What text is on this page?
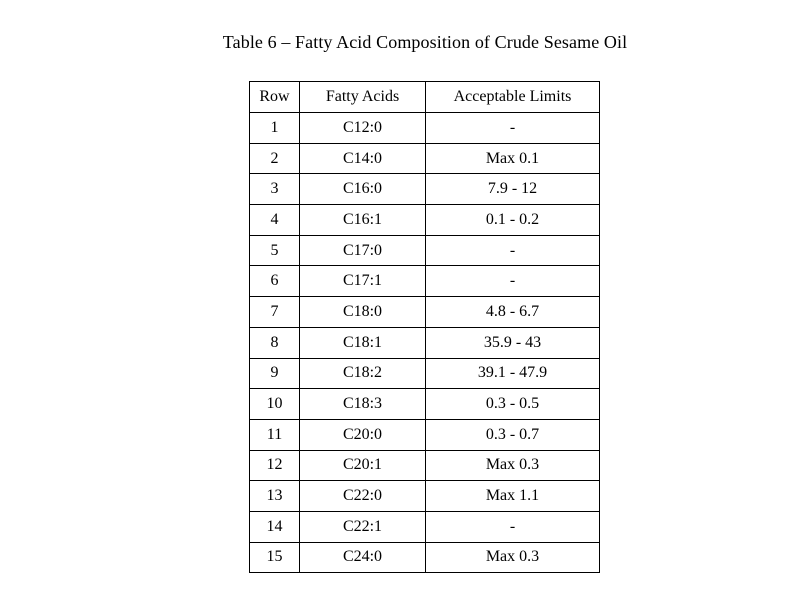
Table 6 – Fatty Acid Composition of Crude Sesame Oil
Row	Fatty Acids	Acceptable Limits
1	C12:0	-
2	C14:0	Max 0.1
3	C16:0	7.9 - 12
4	C16:1	0.1 - 0.2
5	C17:0	-
6	C17:1	-
7	C18:0	4.8 - 6.7
8	C18:1	35.9 - 43
9	C18:2	39.1 - 47.9
10	C18:3	0.3 - 0.5
11	C20:0	0.3 - 0.7
12	C20:1	Max 0.3
13	C22:0	Max 1.1
14	C22:1	-
15	C24:0	Max 0.3
